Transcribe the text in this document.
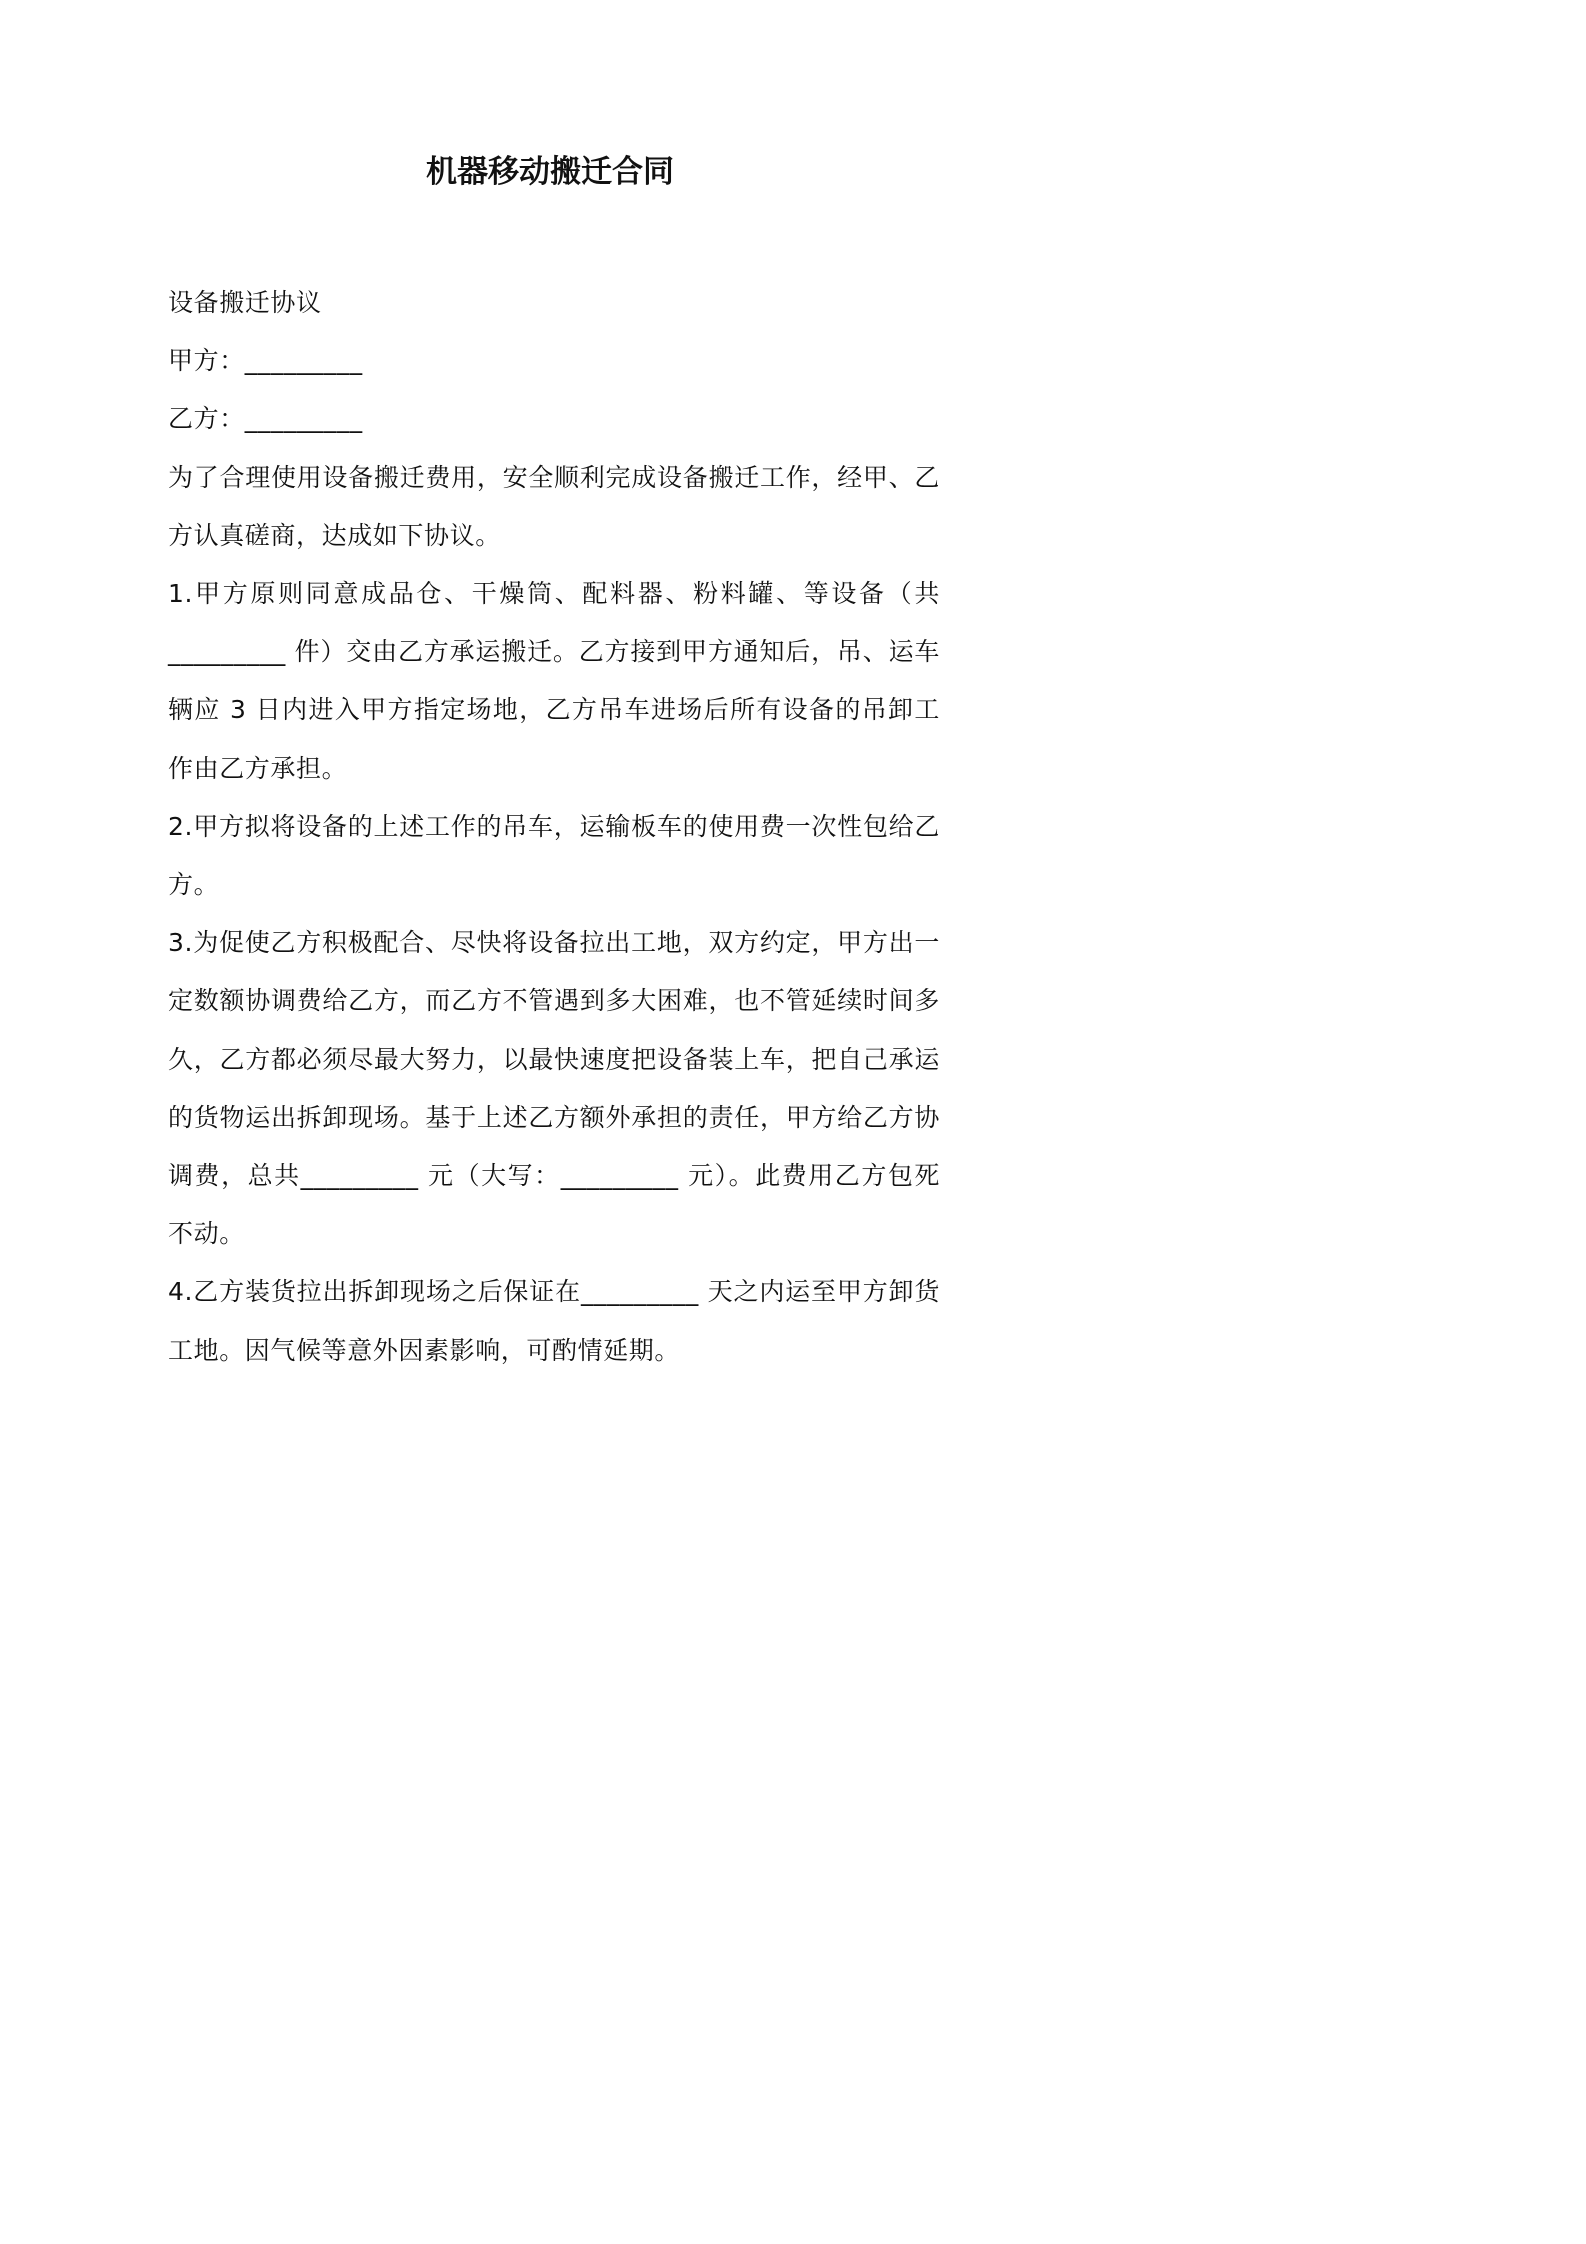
机器移动搬迁合同

设备搬迁协议

甲方：_________

乙方：_________

为了合理使用设备搬迁费用，安全顺利完成设备搬迁工作，经甲、乙方认真磋商，达成如下协议。

1.甲方原则同意成品仓、干燥筒、配料器、粉料罐、等设备（共_________ 件）交由乙方承运搬迁。乙方接到甲方通知后，吊、运车辆应 3 日内进入甲方指定场地，乙方吊车进场后所有设备的吊卸工作由乙方承担。

2.甲方拟将设备的上述工作的吊车，运输板车的使用费一次性包给乙方。

3.为促使乙方积极配合、尽快将设备拉出工地，双方约定，甲方出一定数额协调费给乙方，而乙方不管遇到多大困难，也不管延续时间多久，乙方都必须尽最大努力，以最快速度把设备装上车，把自己承运的货物运出拆卸现场。基于上述乙方额外承担的责任，甲方给乙方协调费，总共_________ 元（大写：_________ 元）。此费用乙方包死不动。

4.乙方装货拉出拆卸现场之后保证在_________ 天之内运至甲方卸货工地。因气候等意外因素影响，可酌情延期。
